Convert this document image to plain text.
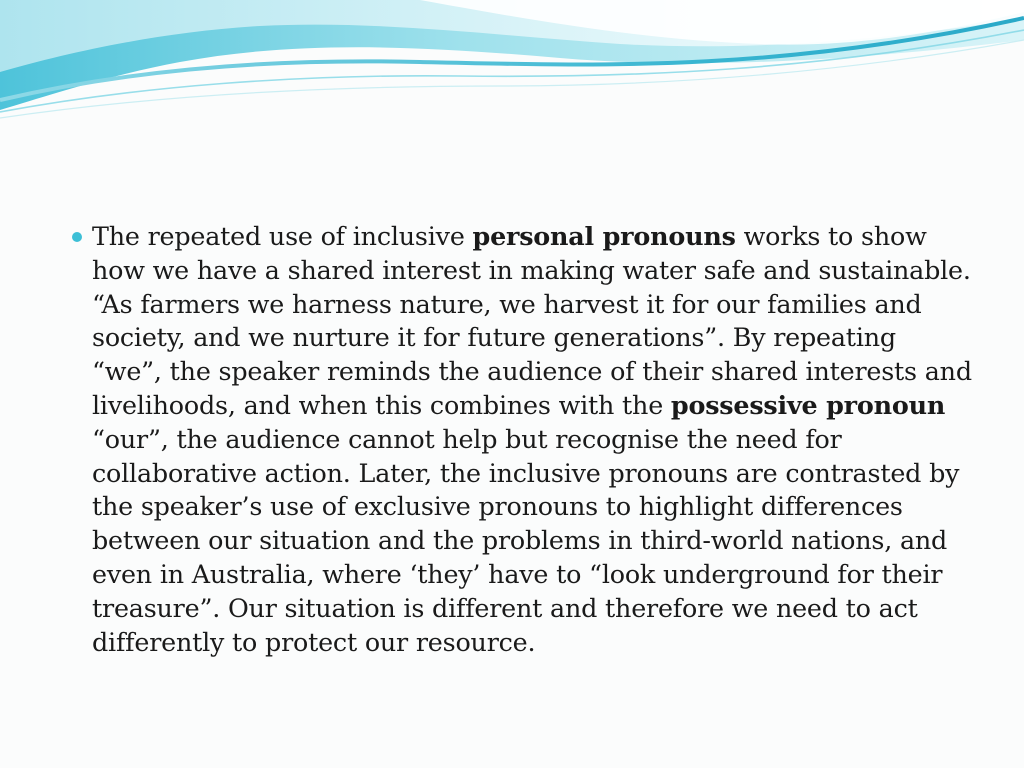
The repeated use of inclusive personal pronouns works to show how we have a shared interest in making water safe and sustainable. “As farmers we harness nature, we harvest it for our families and society, and we nurture it for future generations”. By repeating “we”, the speaker reminds the audience of their shared interests and livelihoods, and when this combines with the possessive pronoun “our”, the audience cannot help but recognise the need for collaborative action. Later, the inclusive pronouns are contrasted by the speaker’s use of exclusive pronouns to highlight differences between our situation and the problems in third-world nations, and even in Australia, where ‘they’ have to “look underground for their treasure”. Our situation is different and therefore we need to act differently to protect our resource.
